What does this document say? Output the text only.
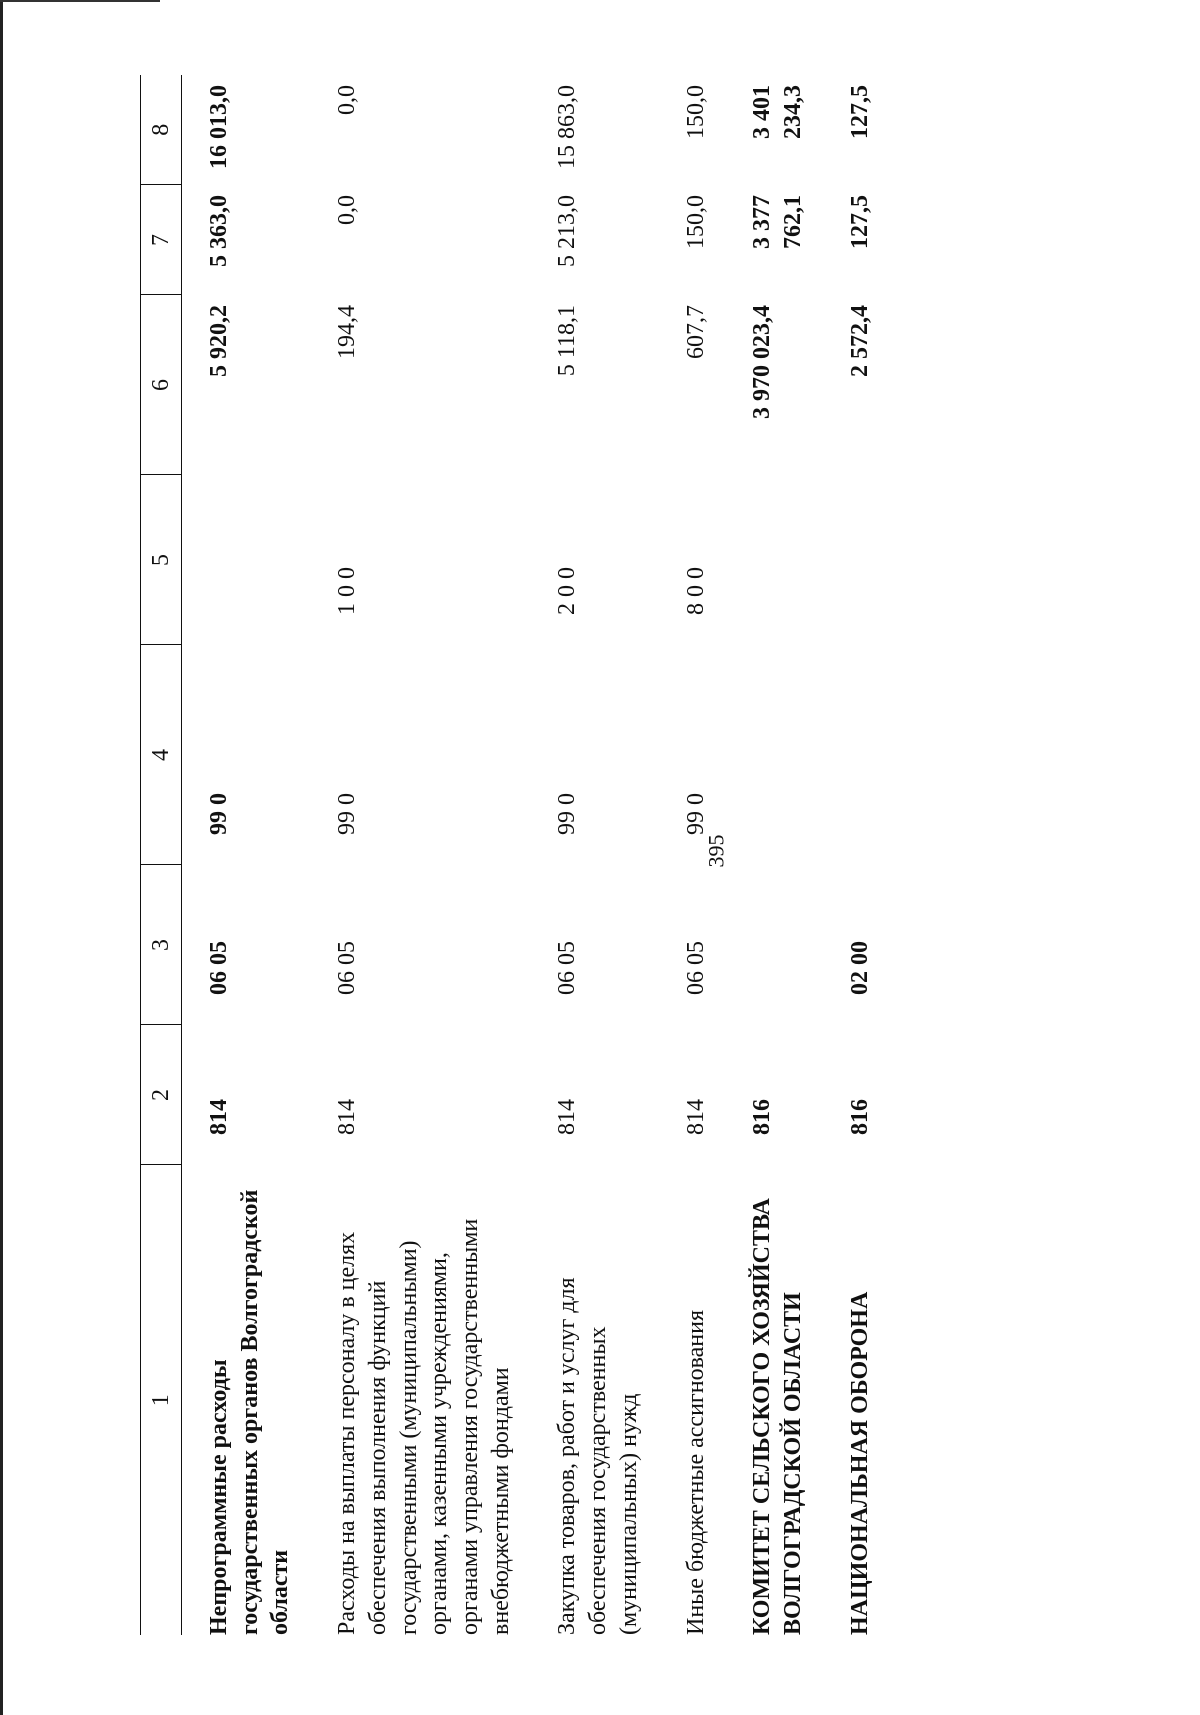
395
1	2	3	4	5	6	7	8
Непрограммные расходы государственных органов Волгоградской области	814	06 05	99 0		5 920,2	5 363,0	16 013,0
Расходы на выплаты персоналу в целях обеспечения выполнения функций государственными (муниципальными) органами, казенными учреждениями, органами управления государственными внебюджетными фондами	814	06 05	99 0	1 0 0	194,4	0,0	0,0
Закупка товаров, работ и услуг для обеспечения государственных (муниципальных) нужд	814	06 05	99 0	2 0 0	5 118,1	5 213,0	15 863,0
Иные бюджетные ассигнования	814	06 05	99 0	8 0 0	607,7	150,0	150,0
КОМИТЕТ СЕЛЬСКОГО ХОЗЯЙСТВА ВОЛГОГРАДСКОЙ ОБЛАСТИ	816				3 970 023,4	3 377 762,1	3 401 234,3
НАЦИОНАЛЬНАЯ ОБОРОНА	816	02 00			2 572,4	127,5	127,5
